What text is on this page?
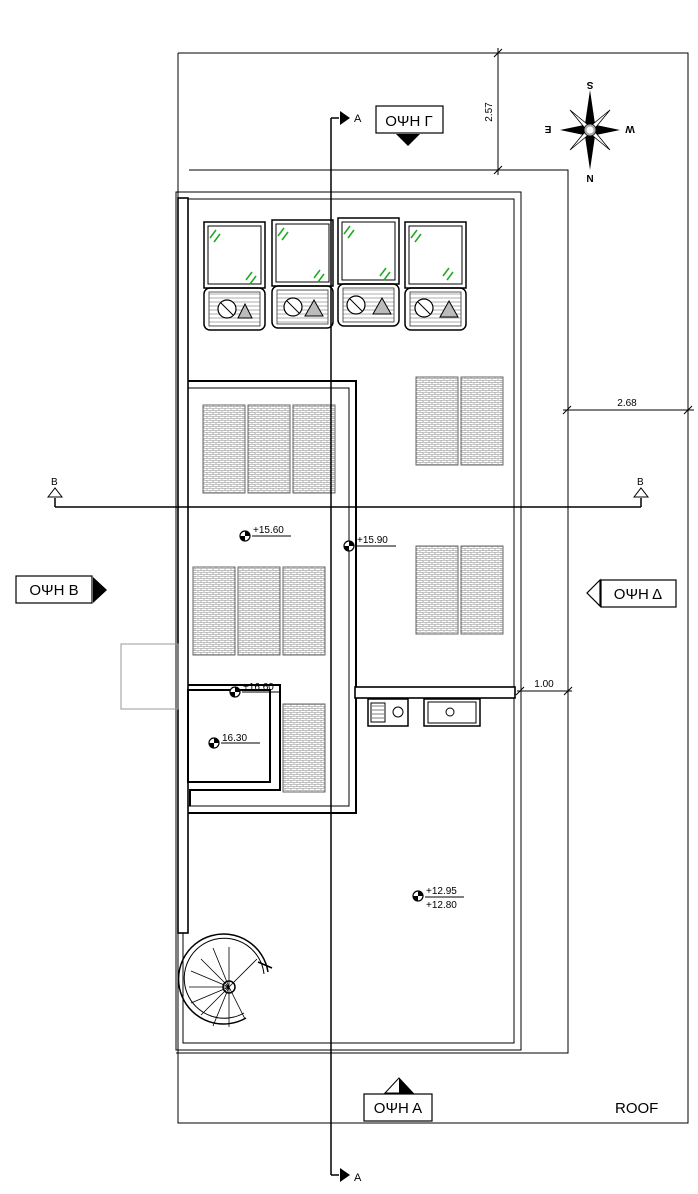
A
A
B	B
ΟΨΗ Γ
ΟΨΗ Β	ΟΨΗ Δ
ΟΨΗ Α
2.57
2.68
1.00
+15.60
+15.90
+16.60
16.30
+12.95
+12.80
S
N
E	W
ROOF
